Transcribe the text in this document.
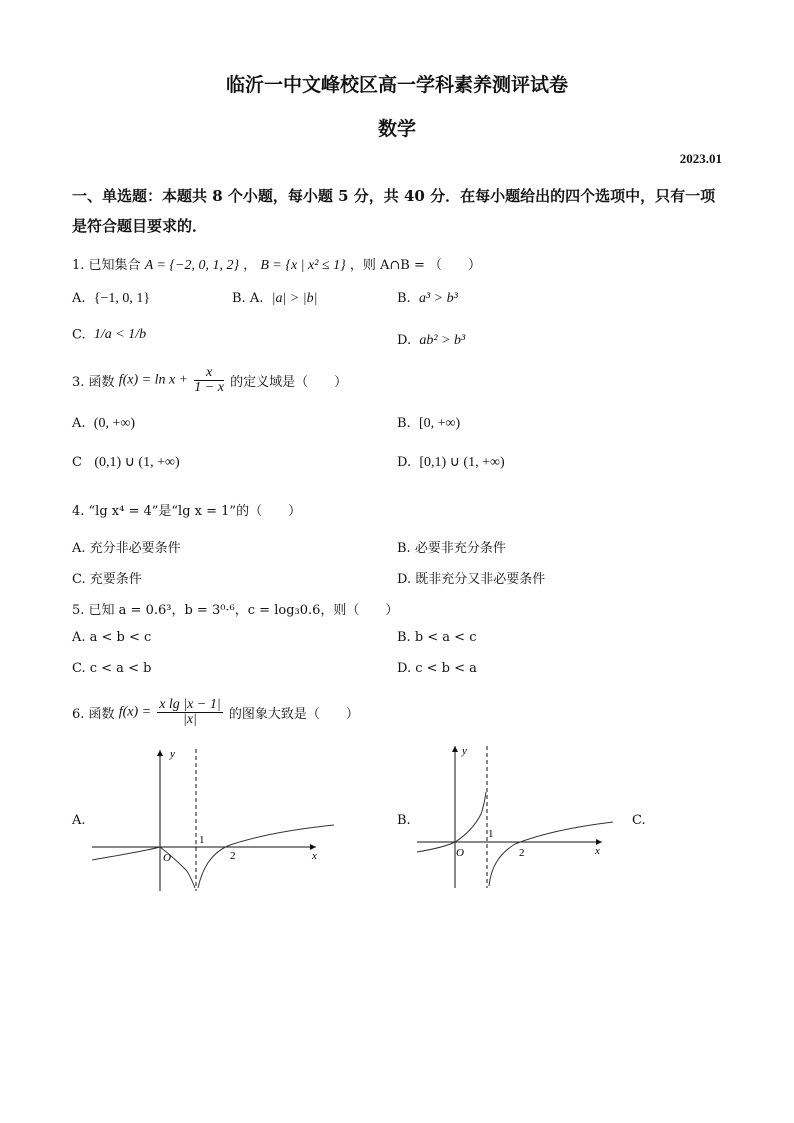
临沂一中文峰校区高一学科素养测评试卷
数学
2023.01
一、单选题：本题共 8 个小题，每小题 5 分，共 40 分．在每小题给出的四个选项中，只有一项是符合题目要求的．
1. 已知集合 A = {−2, 0, 1, 2} ， B = {x | x² ≤ 1} ，则 A∩B = （　　）
A. {−1, 0, 1}	B. A. |a| > |b|	B. a³ > b³
C. 1/a < 1/b	D. ab² > b³
3. 函数 $f(x) = \ln x + \frac{x}{1 - x}$ 的定义域是（　　）
A. (0, +∞)	B. [0, +∞)
C (0,1) ∪ (1, +∞)	D. [0,1) ∪ (1, +∞)
4. “lg x⁴ = 4”是“lg x = 1”的（　　）
A. 充分非必要条件	B. 必要非充分条件
C. 充要条件	D. 既非充分又非必要条件
5. 已知 a = 0.6³，b = 3⁰·⁶，c = log₃0.6，则（　　）
A. a < b < c	B. b < a < c
C. c < a < b	D. c < b < a
6. 函数 $f(x) = \frac{\text{x lg |x − 1|}}{|x|}$ 的图象大致是（　　）
A.	B.	C.
y
x
O
1
2
y
x
O
1
2
